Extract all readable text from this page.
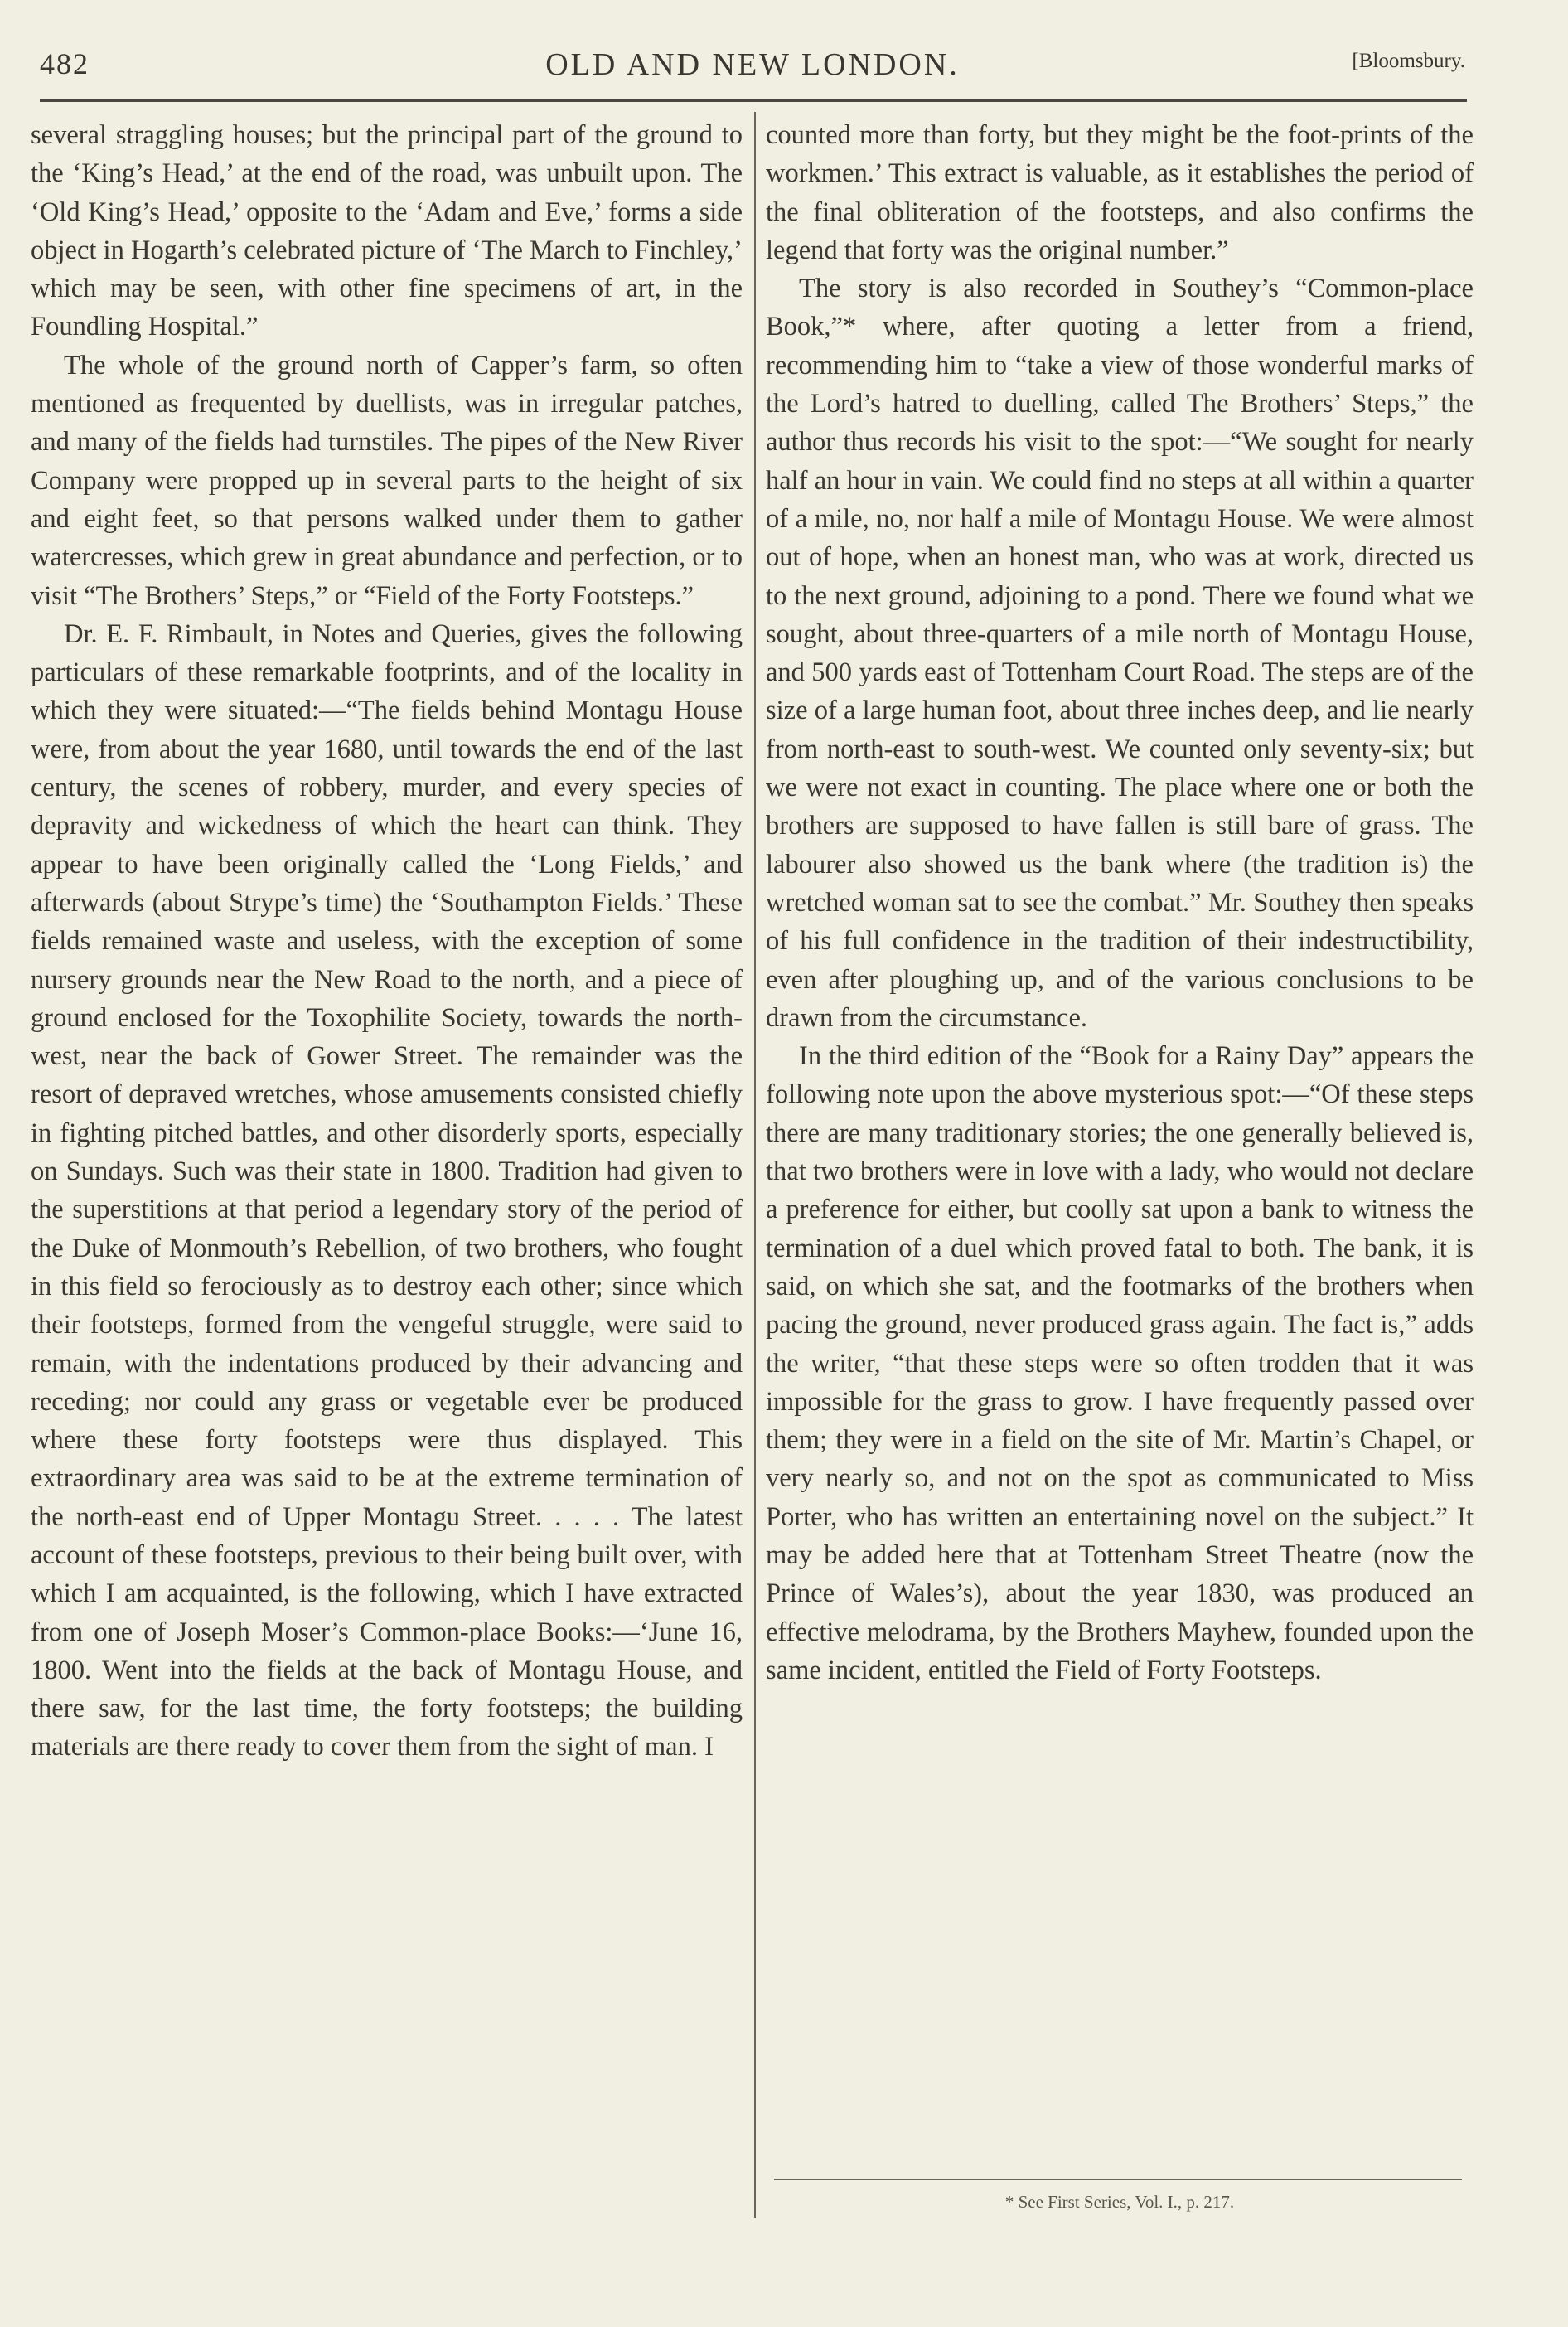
482	OLD AND NEW LONDON.	[Bloomsbury.

several straggling houses; but the principal part of the ground to the ‘King’s Head,’ at the end of the road, was unbuilt upon. The ‘Old King’s Head,’ opposite to the ‘Adam and Eve,’ forms a side object in Hogarth’s celebrated picture of ‘The March to Finchley,’ which may be seen, with other fine specimens of art, in the Foundling Hospital.”

The whole of the ground north of Capper’s farm, so often mentioned as frequented by duellists, was in irregular patches, and many of the fields had turnstiles. The pipes of the New River Company were propped up in several parts to the height of six and eight feet, so that persons walked under them to gather watercresses, which grew in great abundance and perfection, or to visit “The Brothers’ Steps,” or “Field of the Forty Footsteps.”

Dr. E. F. Rimbault, in Notes and Queries, gives the following particulars of these remarkable footprints, and of the locality in which they were situated:—“The fields behind Montagu House were, from about the year 1680, until towards the end of the last century, the scenes of robbery, murder, and every species of depravity and wickedness of which the heart can think. They appear to have been originally called the ‘Long Fields,’ and afterwards (about Strype’s time) the ‘Southampton Fields.’ These fields remained waste and useless, with the exception of some nursery grounds near the New Road to the north, and a piece of ground enclosed for the Toxophilite Society, towards the north-west, near the back of Gower Street. The remainder was the resort of depraved wretches, whose amusements consisted chiefly in fighting pitched battles, and other disorderly sports, especially on Sundays. Such was their state in 1800. Tradition had given to the superstitions at that period a legendary story of the period of the Duke of Monmouth’s Rebellion, of two brothers, who fought in this field so ferociously as to destroy each other; since which their footsteps, formed from the vengeful struggle, were said to remain, with the indentations produced by their advancing and receding; nor could any grass or vegetable ever be produced where these forty footsteps were thus displayed. This extraordinary area was said to be at the extreme termination of the north-east end of Upper Montagu Street. . . . . The latest account of these footsteps, previous to their being built over, with which I am acquainted, is the following, which I have extracted from one of Joseph Moser’s Common-place Books:—‘June 16, 1800. Went into the fields at the back of Montagu House, and there saw, for the last time, the forty footsteps; the building materials are there ready to cover them from the sight of man. I

counted more than forty, but they might be the foot-prints of the workmen.’ This extract is valuable, as it establishes the period of the final obliteration of the footsteps, and also confirms the legend that forty was the original number.”

The story is also recorded in Southey’s “Common-place Book,”* where, after quoting a letter from a friend, recommending him to “take a view of those wonderful marks of the Lord’s hatred to duelling, called The Brothers’ Steps,” the author thus records his visit to the spot:—“We sought for nearly half an hour in vain. We could find no steps at all within a quarter of a mile, no, nor half a mile of Montagu House. We were almost out of hope, when an honest man, who was at work, directed us to the next ground, adjoining to a pond. There we found what we sought, about three-quarters of a mile north of Montagu House, and 500 yards east of Tottenham Court Road. The steps are of the size of a large human foot, about three inches deep, and lie nearly from north-east to south-west. We counted only seventy-six; but we were not exact in counting. The place where one or both the brothers are supposed to have fallen is still bare of grass. The labourer also showed us the bank where (the tradition is) the wretched woman sat to see the combat.” Mr. Southey then speaks of his full confidence in the tradition of their indestructibility, even after ploughing up, and of the various conclusions to be drawn from the circumstance.

In the third edition of the “Book for a Rainy Day” appears the following note upon the above mysterious spot:—“Of these steps there are many traditionary stories; the one generally believed is, that two brothers were in love with a lady, who would not declare a preference for either, but coolly sat upon a bank to witness the termination of a duel which proved fatal to both. The bank, it is said, on which she sat, and the footmarks of the brothers when pacing the ground, never produced grass again. The fact is,” adds the writer, “that these steps were so often trodden that it was impossible for the grass to grow. I have frequently passed over them; they were in a field on the site of Mr. Martin’s Chapel, or very nearly so, and not on the spot as communicated to Miss Porter, who has written an entertaining novel on the subject.” It may be added here that at Tottenham Street Theatre (now the Prince of Wales’s), about the year 1830, was produced an effective melodrama, by the Brothers Mayhew, founded upon the same incident, entitled the Field of Forty Footsteps.

* See First Series, Vol. I., p. 217.
